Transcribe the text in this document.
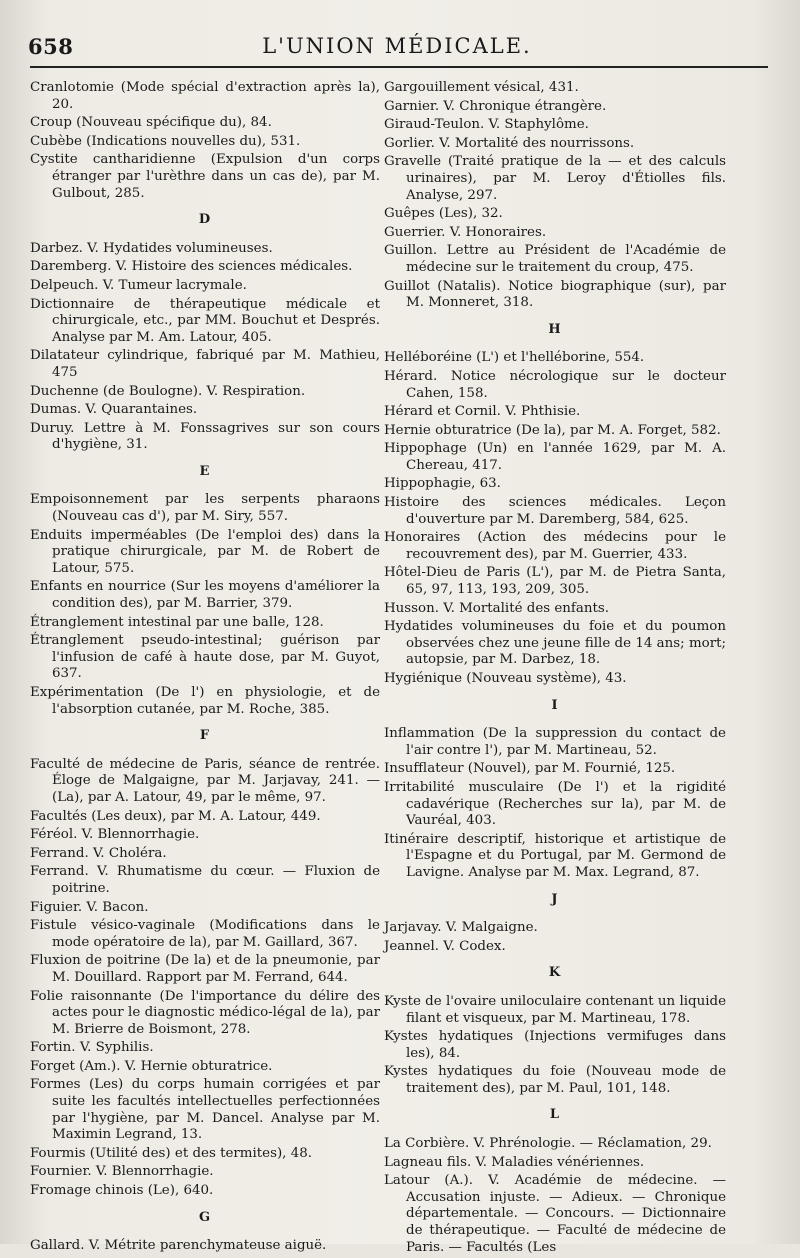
658	L'UNION MÉDICALE.
Cranlotomie (Mode spécial d'extraction après la), 20.
Croup (Nouveau spécifique du), 84.
Cubèbe (Indications nouvelles du), 531.
Cystite cantharidienne (Expulsion d'un corps étranger par l'urèthre dans un cas de), par M. Gulbout, 285.
D
Darbez. V. Hydatides volumineuses.
Daremberg. V. Histoire des sciences médicales.
Delpeuch. V. Tumeur lacrymale.
Dictionnaire de thérapeutique médicale et chirurgicale, etc., par MM. Bouchut et Després. Analyse par M. Am. Latour, 405.
Dilatateur cylindrique, fabriqué par M. Mathieu, 475
Duchenne (de Boulogne). V. Respiration.
Dumas. V. Quarantaines.
Duruy. Lettre à M. Fonssagrives sur son cours d'hygiène, 31.
E
Empoisonnement par les serpents pharaons (Nouveau cas d'), par M. Siry, 557.
Enduits imperméables (De l'emploi des) dans la pratique chirurgicale, par M. de Robert de Latour, 575.
Enfants en nourrice (Sur les moyens d'améliorer la condition des), par M. Barrier, 379.
Étranglement intestinal par une balle, 128.
Étranglement pseudo-intestinal; guérison par l'infusion de café à haute dose, par M. Guyot, 637.
Expérimentation (De l') en physiologie, et de l'absorption cutanée, par M. Roche, 385.
F
Faculté de médecine de Paris, séance de rentrée. Éloge de Malgaigne, par M. Jarjavay, 241. — (La), par A. Latour, 49, par le même, 97.
Facultés (Les deux), par M. A. Latour, 449.
Féréol. V. Blennorrhagie.
Ferrand. V. Choléra.
Ferrand. V. Rhumatisme du cœur. — Fluxion de poitrine.
Figuier. V. Bacon.
Fistule vésico-vaginale (Modifications dans le mode opératoire de la), par M. Gaillard, 367.
Fluxion de poitrine (De la) et de la pneumonie, par M. Douillard. Rapport par M. Ferrand, 644.
Folie raisonnante (De l'importance du délire des actes pour le diagnostic médico-légal de la), par M. Brierre de Boismont, 278.
Fortin. V. Syphilis.
Forget (Am.). V. Hernie obturatrice.
Formes (Les) du corps humain corrigées et par suite les facultés intellectuelles perfectionnées par l'hygiène, par M. Dancel. Analyse par M. Maximin Legrand, 13.
Fourmis (Utilité des) et des termites), 48.
Fournier. V. Blennorrhagie.
Fromage chinois (Le), 640.
G
Gallard. V. Métrite parenchymateuse aiguë.
Gargouillement vésical, 431.
Garnier. V. Chronique étrangère.
Giraud-Teulon. V. Staphylôme.
Gorlier. V. Mortalité des nourrissons.
Gravelle (Traité pratique de la — et des calculs urinaires), par M. Leroy d'Étiolles fils. Analyse, 297.
Guêpes (Les), 32.
Guerrier. V. Honoraires.
Guillon. Lettre au Président de l'Académie de médecine sur le traitement du croup, 475.
Guillot (Natalis). Notice biographique (sur), par M. Monneret, 318.
H
Helléboréine (L') et l'helléborine, 554.
Hérard. Notice nécrologique sur le docteur Cahen, 158.
Hérard et Cornil. V. Phthisie.
Hernie obturatrice (De la), par M. A. Forget, 582.
Hippophage (Un) en l'année 1629, par M. A. Chereau, 417.
Hippophagie, 63.
Histoire des sciences médicales. Leçon d'ouverture par M. Daremberg, 584, 625.
Honoraires (Action des médecins pour le recouvrement des), par M. Guerrier, 433.
Hôtel-Dieu de Paris (L'), par M. de Pietra Santa, 65, 97, 113, 193, 209, 305.
Husson. V. Mortalité des enfants.
Hydatides volumineuses du foie et du poumon observées chez une jeune fille de 14 ans; mort; autopsie, par M. Darbez, 18.
Hygiénique (Nouveau système), 43.
I
Inflammation (De la suppression du contact de l'air contre l'), par M. Martineau, 52.
Insufflateur (Nouvel), par M. Fournié, 125.
Irritabilité musculaire (De l') et la rigidité cadavérique (Recherches sur la), par M. de Vauréal, 403.
Itinéraire descriptif, historique et artistique de l'Espagne et du Portugal, par M. Germond de Lavigne. Analyse par M. Max. Legrand, 87.
J
Jarjavay. V. Malgaigne.
Jeannel. V. Codex.
K
Kyste de l'ovaire uniloculaire contenant un liquide filant et visqueux, par M. Martineau, 178.
Kystes hydatiques (Injections vermifuges dans les), 84.
Kystes hydatiques du foie (Nouveau mode de traitement des), par M. Paul, 101, 148.
L
La Corbière. V. Phrénologie. — Réclamation, 29.
Lagneau fils. V. Maladies vénériennes.
Latour (A.). V. Académie de médecine. — Accusation injuste. — Adieux. — Chronique départementale. — Concours. — Dictionnaire de thérapeutique. — Faculté de médecine de Paris. — Facultés (Les
